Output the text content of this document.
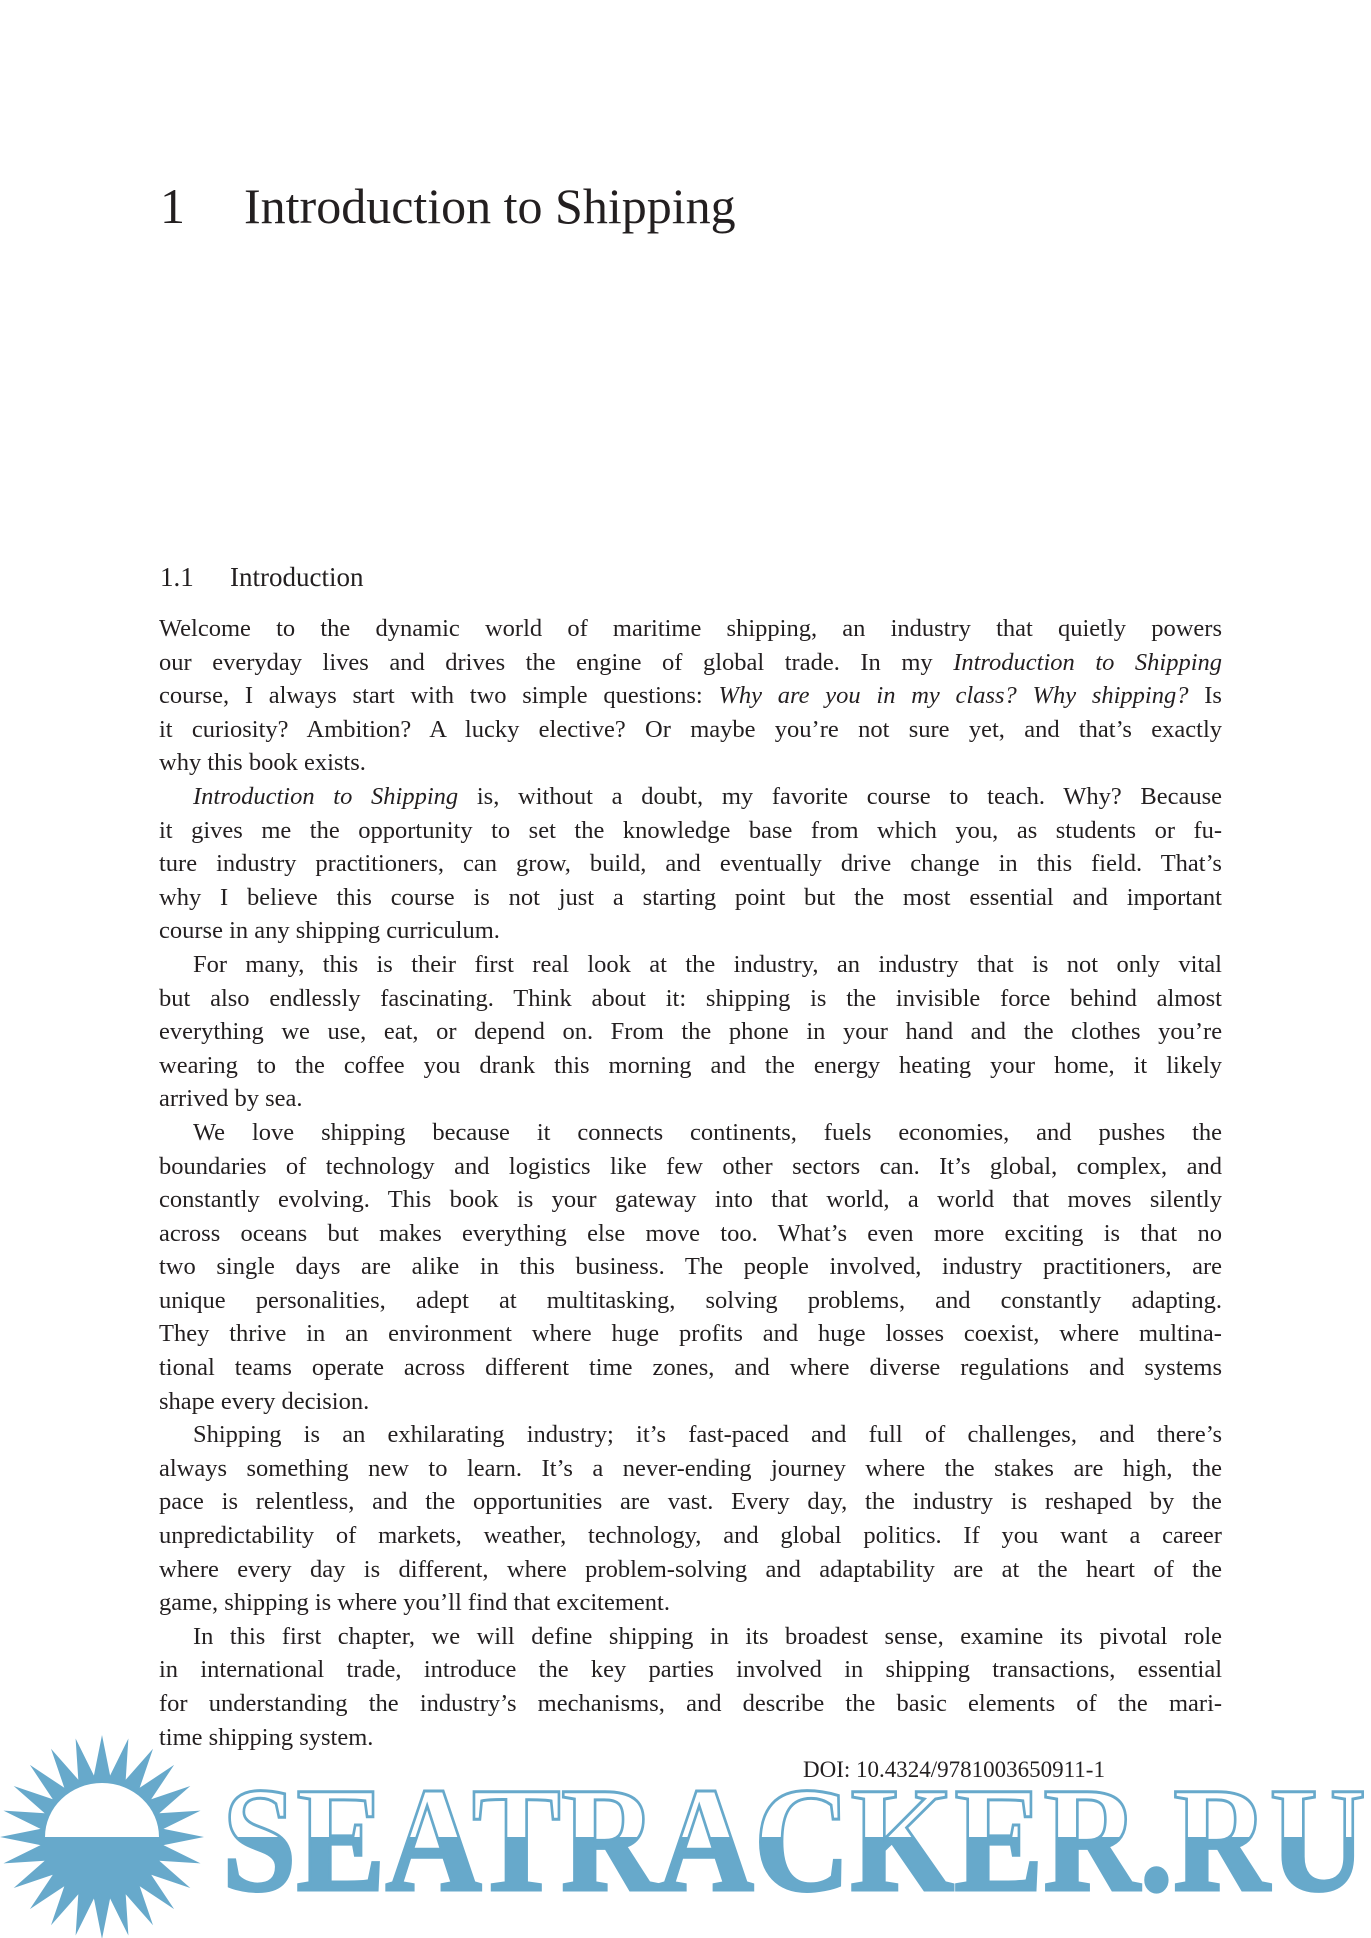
1 Introduction to Shipping
1.1 Introduction
Welcome to the dynamic world of maritime shipping, an industry that quietly powers
our everyday lives and drives the engine of global trade. In my Introduction to Shipping
course, I always start with two simple questions: Why are you in my class? Why shipping? Is
it curiosity? Ambition? A lucky elective? Or maybe you’re not sure yet, and that’s exactly
why this book exists.
Introduction to Shipping is, without a doubt, my favorite course to teach. Why? Because
it gives me the opportunity to set the knowledge base from which you, as students or fu-
ture industry practitioners, can grow, build, and eventually drive change in this field. That’s
why I believe this course is not just a starting point but the most essential and important
course in any shipping curriculum.
For many, this is their first real look at the industry, an industry that is not only vital
but also endlessly fascinating. Think about it: shipping is the invisible force behind almost
everything we use, eat, or depend on. From the phone in your hand and the clothes you’re
wearing to the coffee you drank this morning and the energy heating your home, it likely
arrived by sea.
We love shipping because it connects continents, fuels economies, and pushes the
boundaries of technology and logistics like few other sectors can. It’s global, complex, and
constantly evolving. This book is your gateway into that world, a world that moves silently
across oceans but makes everything else move too. What’s even more exciting is that no
two single days are alike in this business. The people involved, industry practitioners, are
unique personalities, adept at multitasking, solving problems, and constantly adapting.
They thrive in an environment where huge profits and huge losses coexist, where multina-
tional teams operate across different time zones, and where diverse regulations and systems
shape every decision.
Shipping is an exhilarating industry; it’s fast-paced and full of challenges, and there’s
always something new to learn. It’s a never-ending journey where the stakes are high, the
pace is relentless, and the opportunities are vast. Every day, the industry is reshaped by the
unpredictability of markets, weather, technology, and global politics. If you want a career
where every day is different, where problem-solving and adaptability are at the heart of the
game, shipping is where you’ll find that excitement.
In this first chapter, we will define shipping in its broadest sense, examine its pivotal role
in international trade, introduce the key parties involved in shipping transactions, essential
for understanding the industry’s mechanisms, and describe the basic elements of the mari-
time shipping system.
SEATRACKER.RU
DOI: 10.4324/9781003650911-1
